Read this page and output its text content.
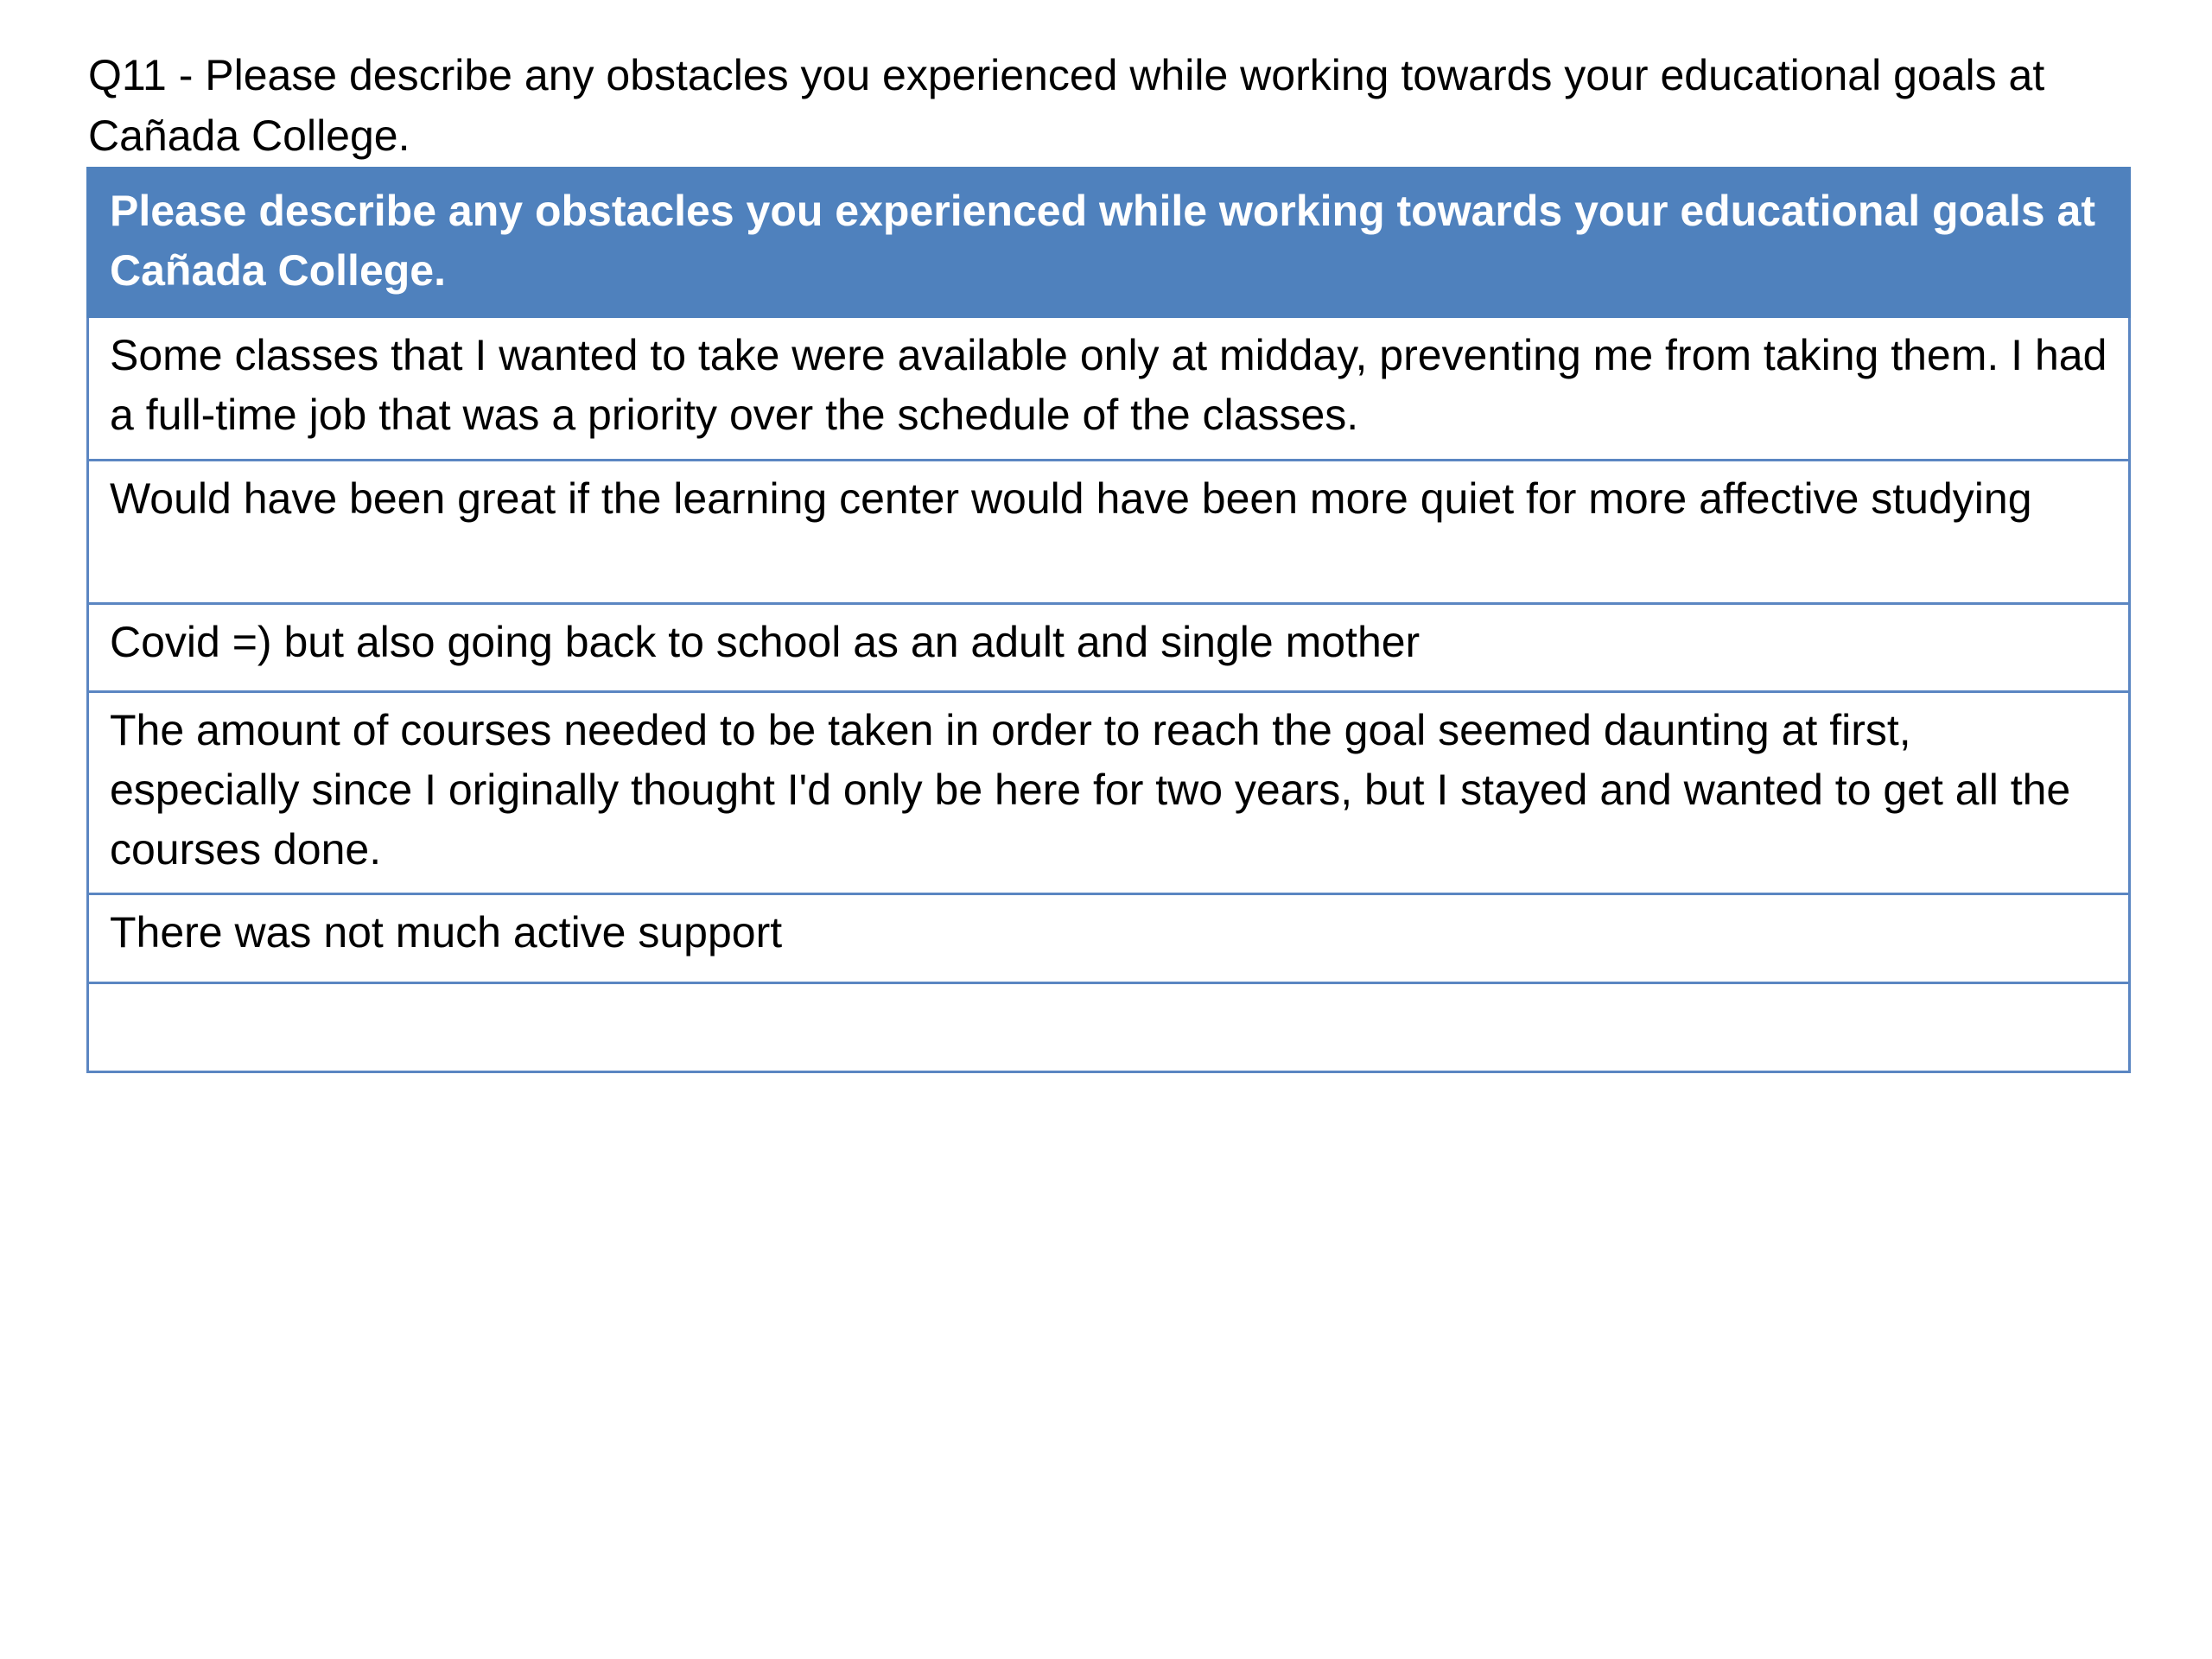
Q11 - Please describe any obstacles you experienced while working towards your educational goals at Cañada College.
Please describe any obstacles you experienced while working towards your educational goals at Cañada College.
Some classes that I wanted to take were available only at midday, preventing me from taking them. I had a full-time job that was a priority over the schedule of the classes.
Would have been great if the learning center would have been more quiet for more affective studying
Covid =) but also going back to school as an adult and single mother
The amount of courses needed to be taken in order to reach the goal seemed daunting at first, especially since I originally thought I'd only be here for two years, but I stayed and wanted to get all the courses done.
There was not much active support
